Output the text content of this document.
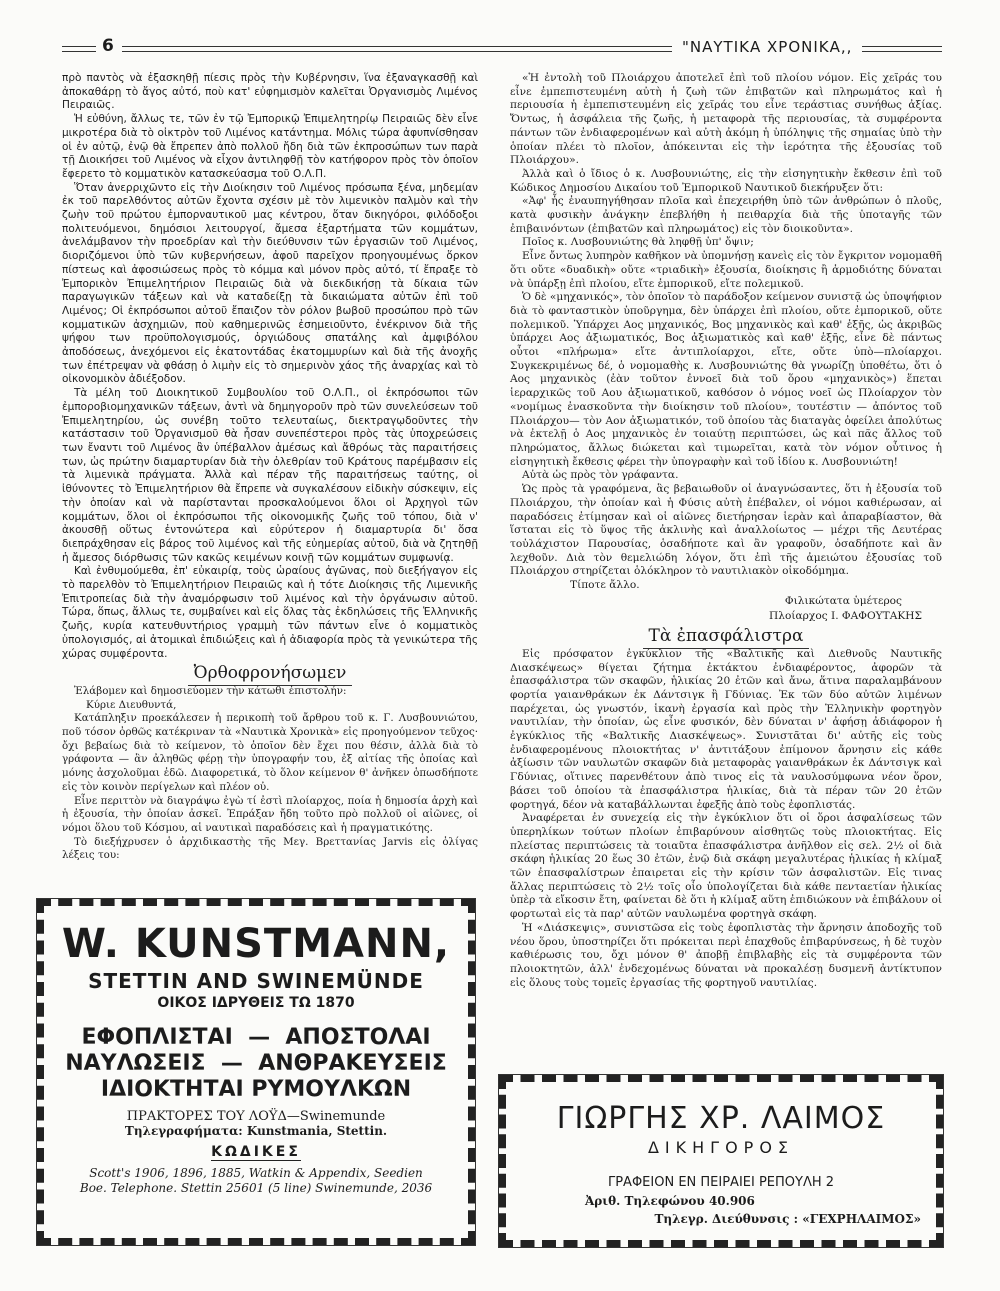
6	"ΝΑΥΤΙΚΑ ΧΡΟΝΙΚΑ,,

πρὸ παντὸς νὰ ἐξασκηθῇ πίεσις πρὸς τὴν Κυβέρνησιν, ἵνα ἐξαναγκασθῇ καὶ ἀποκαθάρῃ τὸ ἄγος αὐτό, ποὺ κατ' εὐφημισμὸν καλεῖται Ὀργανισμὸς Λιμένος Πειραιῶς.

Ἡ εὐθύνη, ἄλλως τε, τῶν ἐν τῷ Ἐμπορικῷ Ἐπιμελητηρίῳ Πειραιῶς δὲν εἶνε μικροτέρα διὰ τὸ οἰκτρὸν τοῦ Λιμένος κατάντημα. Μόλις τώρα ἀφυπνίσθησαν οἱ ἐν αὐτῷ, ἐνῷ θὰ ἔπρεπεν ἀπὸ πολλοῦ ἤδη διὰ τῶν ἐκπροσώπων των παρὰ τῇ Διοικήσει τοῦ Λιμένος νὰ εἶχον ἀντιληφθῇ τὸν κατήφορον πρὸς τὸν ὁποῖον ἔφερετο τὸ κομματικὸν κατασκεύασμα τοῦ Ο.Λ.Π.

Ὅταν ἀνερριχῶντο εἰς τὴν Διοίκησιν τοῦ Λιμένος πρόσωπα ξένα, μηδεμίαν ἐκ τοῦ παρελθόντος αὐτῶν ἔχοντα σχέσιν μὲ τὸν λιμενικὸν παλμὸν καὶ τὴν ζωὴν τοῦ πρώτου ἐμπορναυτικοῦ μας κέντρου, ὅταν δικηγόροι, φιλόδοξοι πολιτευόμενοι, δημόσιοι λειτουργοί, ἄμεσα ἐξαρτήματα τῶν κομμάτων, ἀνελάμβανον τὴν προεδρίαν καὶ τὴν διεύθυνσιν τῶν ἐργασιῶν τοῦ Λιμένος, διοριζόμενοι ὑπὸ τῶν κυβερνήσεων, ἀφοῦ παρεῖχον προηγουμένως ὅρκον πίστεως καὶ ἀφοσιώσεως πρὸς τὸ κόμμα καὶ μόνον πρὸς αὐτό, τί ἔπραξε τὸ Ἐμπορικὸν Ἐπιμελητήριον Πειραιῶς διὰ νὰ διεκδικήσῃ τὰ δίκαια τῶν παραγωγικῶν τάξεων καὶ νὰ καταδείξῃ τὰ δικαιώματα αὐτῶν ἐπὶ τοῦ Λιμένος; Οἱ ἐκπρόσωποι αὐτοῦ ἔπαιζον τὸν ρόλον βωβοῦ προσώπου πρὸ τῶν κομματικῶν ἀσχημιῶν, ποὺ καθημερινῶς ἐσημειοῦντο, ἐνέκρινον διὰ τῆς ψήφου των προϋπολογισμούς, ὀργιώδους σπατάλης καὶ ἀμφιβόλου ἀποδόσεως, ἀνεχόμενοι εἰς ἑκατοντάδας ἑκατομμυρίων καὶ διὰ τῆς ἀνοχῆς των ἐπέτρεψαν νὰ φθάσῃ ὁ λιμὴν εἰς τὸ σημερινὸν χάος τῆς ἀναρχίας καὶ τὸ οἰκονομικὸν ἀδιέξοδον.

Τὰ μέλη τοῦ Διοικητικοῦ Συμβουλίου τοῦ Ο.Λ.Π., οἱ ἐκπρόσωποι τῶν ἐμποροβιομηχανικῶν τάξεων, ἀντὶ νὰ δημηγοροῦν πρὸ τῶν συνελεύσεων τοῦ Ἐπιμελητηρίου, ὡς συνέβη τοῦτο τελευταίως, διεκτραγῳδοῦντες τὴν κατάστασιν τοῦ Ὀργανισμοῦ θὰ ἦσαν συνεπέστεροι πρὸς τὰς ὑποχρεώσεις των ἔναντι τοῦ Λιμένος ἂν ὑπέβαλλον ἀμέσως καὶ ἄθρόως τὰς παραιτήσεις των, ὡς πρώτην διαμαρτυρίαν διὰ τὴν ὀλεθρίαν τοῦ Κράτους παρέμβασιν εἰς τὰ λιμενικὰ πράγματα. Ἀλλὰ καὶ πέραν τῆς παραιτήσεως ταύτης, οἱ ἰθύνοντες τὸ Ἐπιμελητήριον θὰ ἔπρεπε νὰ συγκαλέσουν εἰδικὴν σύσκεψιν, εἰς τὴν ὁποίαν καὶ νὰ παρίστανται προσκαλούμενοι ὅλοι οἱ Ἀρχηγοὶ τῶν κομμάτων, ὅλοι οἱ ἐκπρόσωποι τῆς οἰκονομικῆς ζωῆς τοῦ τόπου, διὰ ν' ἀκουσθῇ οὕτως ἐντονώτερα καὶ εὐρύτερον ἡ διαμαρτυρία δι' ὅσα διεπράχθησαν εἰς βάρος τοῦ λιμένος καὶ τῆς εὐημερίας αὐτοῦ, διὰ νὰ ζητηθῇ ἡ ἄμεσος διόρθωσις τῶν κακῶς κειμένων κοινῇ τῶν κομμάτων συμφωνίᾳ.

Καὶ ἐνθυμούμεθα, ἐπ' εὐκαιρίᾳ, τοὺς ὡραίους ἀγῶνας, ποὺ διεξήγαγον εἰς τὸ παρελθὸν τὸ Ἐπιμελητήριον Πειραιῶς καὶ ἡ τότε Διοίκησις τῆς Λιμενικῆς Ἐπιτροπείας διὰ τὴν ἀναμόρφωσιν τοῦ λιμένος καὶ τὴν ὀργάνωσιν αὐτοῦ. Τώρα, ὅπως, ἄλλως τε, συμβαίνει καὶ εἰς ὅλας τὰς ἐκδηλώσεις τῆς Ἑλληνικῆς ζωῆς, κυρία κατευθυντήριος γραμμὴ τῶν πάντων εἶνε ὁ κομματικὸς ὑπολογισμός, αἱ ἀτομικαὶ ἐπιδιώξεις καὶ ἡ ἀδιαφορία πρὸς τὰ γενικώτερα τῆς χώρας συμφέροντα.

Ὀρθοφρονήσωμεν

Ἐλάβομεν καὶ δημοσιεύομεν τὴν κάτωθι ἐπιστολήν:

Κύριε Διευθυντά,

Κατάπληξιν προεκάλεσεν ἡ περικοπὴ τοῦ ἄρθρου τοῦ κ. Γ. Λυσβουνιώτου, ποῦ τόσον ὀρθῶς κατέκριναν τὰ «Ναυτικὰ Χρονικὰ» εἰς προηγούμενον τεῦχος· ὄχι βεβαίως διὰ τὸ κείμενον, τὸ ὁποῖον δὲν ἔχει που θέσιν, ἀλλὰ διὰ τὸ γράφοντα — ἂν ἀληθῶς φέρῃ τὴν ὑπογραφήν του, ἐξ αἰτίας τῆς ὁποίας καὶ μόνης ἀσχολοῦμαι ἐδῶ. Διαφορετικά, τὸ ὅλον κείμενον θ' ἀνῆκεν ὁπωσδήποτε εἰς τὸν κοινὸν περίγελων καὶ πλέον οὐ.

Εἶνε περιττὸν νὰ διαγράψω ἐγὼ τί ἐστὶ πλοίαρχος, ποία ἡ δημοσία ἀρχὴ καὶ ἡ ἐξουσία, τὴν ὁποίαν ἀσκεῖ. Ἐπράξαν ἤδη τοῦτο πρὸ πολλοῦ οἱ αἰῶνες, οἱ νόμοι ὅλου τοῦ Κόσμου, αἱ ναυτικαὶ παραδόσεις καὶ ἡ πραγματικότης.

Τὸ διεξήχρυσεν ὁ ἀρχιδικαστὴς τῆς Μεγ. Βρεττανίας Jarvis εἰς ὀλίγας λέξεις του:

«Ἡ ἐντολὴ τοῦ Πλοιάρχου ἀποτελεῖ ἐπὶ τοῦ πλοίου νόμον. Εἰς χεῖράς του εἶνε ἐμπεπιστευμένη αὐτὴ ἡ ζωὴ τῶν ἐπιβατῶν καὶ πληρωμάτος καὶ ἡ περιουσία ἡ ἐμπεπιστευμένη εἰς χεῖράς του εἶνε τεράστιας συνήθως ἀξίας. Ὄντως, ἡ ἀσφάλεια τῆς ζωῆς, ἡ μεταφορὰ τῆς περιουσίας, τὰ συμφέροντα πάντων τῶν ἐνδιαφερομένων καὶ αὐτὴ ἀκόμη ἡ ὑπόληψις τῆς σημαίας ὑπὸ τὴν ὁποίαν πλέει τὸ πλοῖον, ἀπόκεινται εἰς τὴν ἱερότητα τῆς ἐξουσίας τοῦ Πλοιάρχου».

Ἀλλὰ καὶ ὁ ἴδιος ὁ κ. Λυσβουνιώτης, εἰς τὴν εἰσηγητικὴν ἔκθεσιν ἐπὶ τοῦ Κώδικος Δημοσίου Δικαίου τοῦ Ἐμπορικοῦ Ναυτικοῦ διεκήρυξεν ὅτι:

«Ἀφ' ἧς ἐναυπηγήθησαν πλοῖα καὶ ἐπεχειρήθη ὑπὸ τῶν ἀνθρώπων ὁ πλοῦς, κατὰ φυσικὴν ἀνάγκην ἐπεβλήθη ἡ πειθαρχία διὰ τῆς ὑποταγῆς τῶν ἐπιβαινόντων (ἐπιβατῶν καὶ πληρωμάτος) εἰς τὸν διοικοῦντα».

Ποῖος κ. Λυσβουνιώτης θὰ ληφθῇ ὑπ' ὄψιν;

Εἶνε ὄντως λυπηρὸν καθῆκον νὰ ὑπομνήσῃ κανεὶς εἰς τὸν ἔγκριτον νομομαθῆ ὅτι οὔτε «δυαδικὴ» οὔτε «τριαδικὴ» ἐξουσία, διοίκησις ἢ ἁρμοδιότης δύναται νὰ ὑπάρξῃ ἐπὶ πλοίου, εἴτε ἐμπορικοῦ, εἴτε πολεμικοῦ.

Ὁ δὲ «μηχανικός», τὸν ὁποῖον τὸ παράδοξον κείμενον συνιστᾷ ὡς ὑποψήφιον διὰ τὸ φανταστικὸν ὑποῦργημα, δὲν ὑπάρχει ἐπὶ πλοίου, οὔτε ἐμπορικοῦ, οὔτε πολεμικοῦ. Ὑπάρχει Αος μηχανικός, Βος μηχανικὸς καὶ καθ' ἑξῆς, ὡς ἀκριβῶς ὑπάρχει Αος ἀξιωματικός, Βος ἀξιωματικὸς καὶ καθ' ἑξῆς, εἶνε δὲ πάντως οὗτοι «πλήρωμα» εἴτε ἀντιπλοίαρχοι, εἴτε, οὔτε ὑπὸ—πλοίαρχοι. Συγκεκριμένως δέ, ὁ νομομαθὴς κ. Λυσβουνιώτης θὰ γνωρίζῃ ὑποθέτω, ὅτι ὁ Αος μηχανικὸς (ἐὰν τοῦτον ἐννοεῖ διὰ τοῦ ὅρου «μηχανικὸς») ἕπεται ἱεραρχικῶς τοῦ Αου ἀξιωματικοῦ, καθόσον ὁ νόμος νοεῖ ὡς Πλοίαρχον τὸν «νομίμως ἐνασκοῦντα τὴν διοίκησιν τοῦ πλοίου», τουτέστιν — ἀπόντος τοῦ Πλοιάρχου— τὸν Αον ἀξιωματικόν, τοῦ ὁποίου τὰς διαταγὰς ὀφείλει ἀπολύτως νὰ ἐκτελῇ ὁ Αος μηχανικὸς ἐν τοιαύτῃ περιπτώσει, ὡς καὶ πᾶς ἄλλος τοῦ πληρώματος, ἄλλως διώκεται καὶ τιμωρεῖται, κατὰ τὸν νόμον οὗτινος ἡ εἰσηγητικὴ ἔκθεσις φέρει τὴν ὑπογραφὴν καὶ τοῦ ἰδίου κ. Λυσβουνιώτη!

Αὐτὰ ὡς πρὸς τὸν γράφαντα.

Ὡς πρὸς τὰ γραφόμενα, ἃς βεβαιωθοῦν οἱ ἀναγνώσαντες, ὅτι ἡ ἐξουσία τοῦ Πλοιάρχου, τὴν ὁποίαν καὶ ἡ Φύσις αὐτὴ ἐπέβαλεν, οἱ νόμοι καθιέρωσαν, αἱ παραδόσεις ἐτίμησαν καὶ οἱ αἰῶνες διετήρησαν ἱερὰν καὶ ἀπαραβίαστον, θὰ ἵσταται εἰς τὸ ὕψος τῆς ἀκλινὴς καὶ ἀναλλοίωτος — μέχρι τῆς Δευτέρας τοὐλάχιστον Παρουσίας, ὁσαδήποτε καὶ ἂν γραφοῦν, ὁσαδήποτε καὶ ἂν λεχθοῦν. Διὰ τὸν θεμελιώδη λόγον, ὅτι ἐπὶ τῆς ἀμειώτου ἐξουσίας τοῦ Πλοιάρχου στηρίζεται ὁλόκληρον τὸ ναυτιλιακὸν οἰκοδόμημα.

Τίποτε ἄλλο.

Φιλικώτατα ὑμέτερος
Πλοίαρχος Ι. ΦΑΦΟΥΤΑΚΗΣ
Τὰ ἐπασφάλιστρα

Εἰς πρόσφατον ἐγκύκλιον τῆς «Βαλτικῆς καὶ Διεθνοῦς Ναυτικῆς Διασκέψεως» θίγεται ζήτημα ἐκτάκτου ἐνδιαφέροντος, ἀφορῶν τὰ ἐπασφάλιστρα τῶν σκαφῶν, ἡλικίας 20 ἐτῶν καὶ ἄνω, ἅτινα παραλαμβάνουν φορτία γαιανθράκων ἐκ Δάντσιγκ ἢ Γδύνιας. Ἐκ τῶν δύο αὐτῶν λιμένων παρέχεται, ὡς γνωστόν, ἱκανὴ ἐργασία καὶ πρὸς τὴν Ἑλληνικὴν φορτηγὸν ναυτιλίαν, τὴν ὁποίαν, ὡς εἶνε φυσικόν, δὲν δύναται ν' ἀφήσῃ ἀδιάφορον ἡ ἐγκύκλιος τῆς «Βαλτικῆς Διασκέψεως». Συνιστᾶται δι' αὐτῆς εἰς τοὺς ἐνδιαφερομένους πλοιοκτήτας ν' ἀντιτάξουν ἐπίμονον ἄρνησιν εἰς κάθε ἀξίωσιν τῶν ναυλωτῶν σκαφῶν διὰ μεταφορὰς γαιανθράκων ἐκ Δάντσιγκ καὶ Γδύνιας, οἵτινες παρενθέτουν ἀπὸ τινος εἰς τὰ ναυλοσύμφωνα νέον ὅρον, βάσει τοῦ ὁποίου τὰ ἐπασφάλιστρα ἡλικίας, διὰ τὰ πέραν τῶν 20 ἐτῶν φορτηγά, δέον νὰ καταβάλλωνται ἐφεξῆς ἀπὸ τοὺς ἐφοπλιστάς.

Ἀναφέρεται ἐν συνεχείᾳ εἰς τὴν ἐγκύκλιον ὅτι οἱ ὅροι ἀσφαλίσεως τῶν ὑπερηλίκων τούτων πλοίων ἐπιβαρύνουν αἰσθητῶς τοὺς πλοιοκτήτας. Εἰς πλείστας περιπτώσεις τὰ τοιαῦτα ἐπασφάλιστρα ἀνῆλθον εἰς σελ. 2½ οἱ διὰ σκάφη ἡλικίας 20 ἕως 30 ἐτῶν, ἐνῷ διὰ σκάφη μεγαλυτέρας ἡλικίας ἡ κλίμαξ τῶν ἐπασφαλίστρων ἐπαιρεται εἰς τὴν κρίσιν τῶν ἀσφαλιστῶν. Εἰς τινας ἄλλας περιπτώσεις τὸ 2½ τοῖς οἷο ὑπολογίζεται διὰ κάθε πενταετίαν ἡλικίας ὑπὲρ τὰ εἴκοσιν ἔτη, φαίνεται δὲ ὅτι ἡ κλίμαξ αὕτη ἐπιδιώκουν νὰ ἐπιβάλουν οἱ φορτωταὶ εἰς τὰ παρ' αὐτῶν ναυλωμένα φορτηγὰ σκάφη.

Ἡ «Διάσκεψις», συνιστῶσα εἰς τοὺς ἐφοπλιστὰς τὴν ἄρνησιν ἀποδοχῆς τοῦ νέου ὅρου, ὑποστηρίζει ὅτι πρόκειται περὶ ἐπαχθοῦς ἐπιβαρύνσεως, ἡ δὲ τυχὸν καθιέρωσις του, ὄχι μόνον θ' ἀποβῇ ἐπιβλαβὴς εἰς τὰ συμφέροντα τῶν πλοιοκτητῶν, ἀλλ' ἐνδεχομένως δύναται νὰ προκαλέσῃ δυσμενῆ ἀντίκτυπον εἰς ὅλους τοὺς τομεῖς ἐργασίας τῆς φορτηγοῦ ναυτιλίας.

W. KUNSTMANN,
STETTIN AND SWINEMÜNDE
ΟΙΚΟΣ ΙΔΡΥΘΕΙΣ ΤΩ 1870
ΕΦΟΠΛΙΣΤΑΙ  —  ΑΠΟΣΤΟΛΑΙ
ΝΑΥΛΩΣΕΙΣ  —  ΑΝΘΡΑΚΕΥΣΕΙΣ
ΙΔΙΟΚΤΗΤΑΙ ΡΥΜΟΥΛΚΩΝ
ΠΡΑΚΤΟΡΕΣ ΤΟΥ ΛΟΫΔ—Swinemunde
Τηλεγραφήματα: Kunstmania, Stettin.
ΚΩΔΙΚΕΣ
Scott's 1906, 1896, 1885, Watkin & Appendix, Seedien
Boe. Telephone. Stettin 25601 (5 line) Swinemunde, 2036
ΓΙΩΡΓΗΣ ΧΡ. ΛΑΙΜΟΣ
ΔΙΚΗΓΟΡΟΣ
ΓΡΑΦΕΙΟΝ ΕΝ ΠΕΙΡΑΙΕΙ ΡΕΠΟΥΛΗ 2
Ἀριθ. Τηλεφώνου 40.906
Τηλεγρ. Διεύθυνσις : «ΓΕΧΡΗΛΑΙΜΟΣ»
